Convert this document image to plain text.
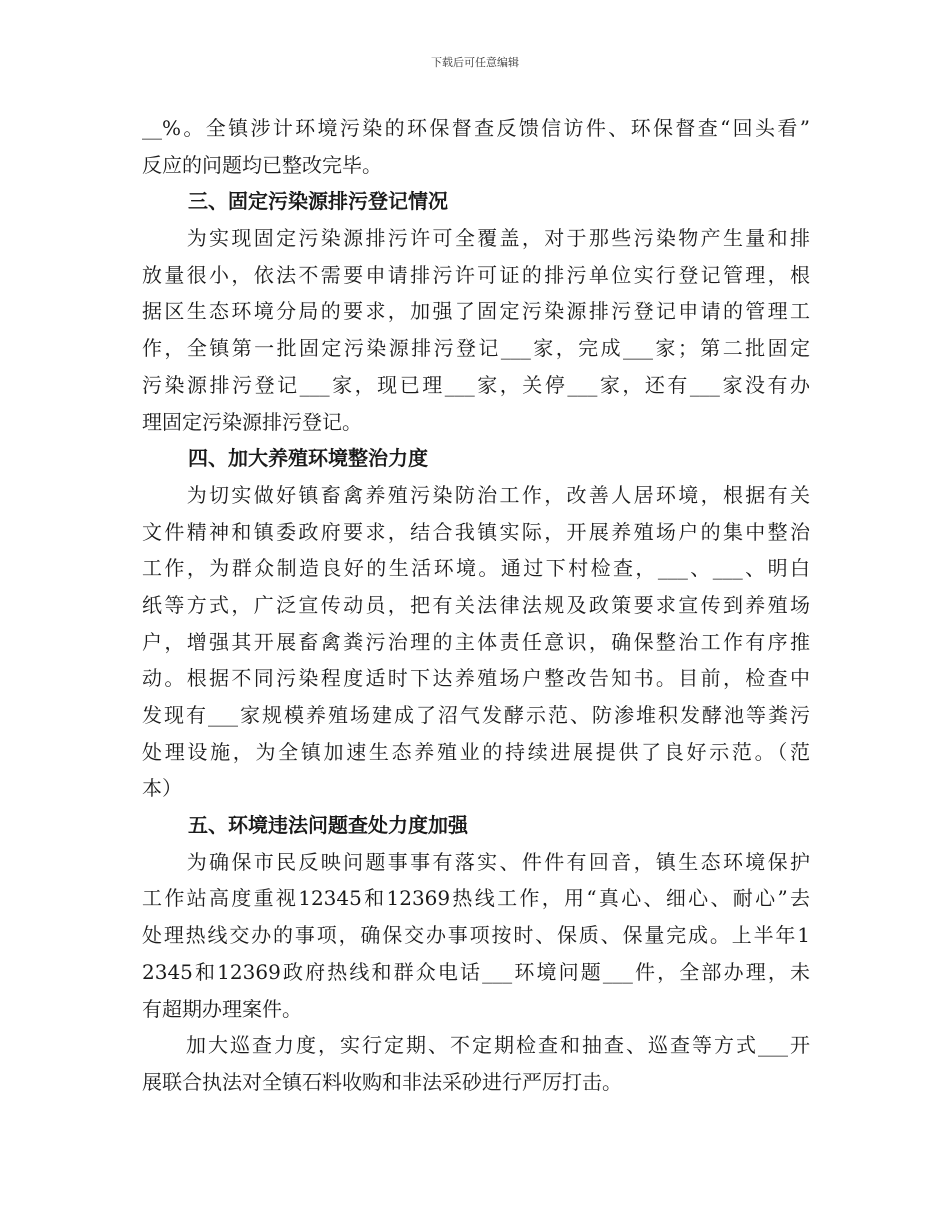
下载后可任意编辑
__%。全镇涉计环境污染的环保督查反馈信访件、环保督查“回头看”
反应的问题均已整改完毕。
三、固定污染源排污登记情况
　　为实现固定污染源排污许可全覆盖，对于那些污染物产生量和排
放量很小，依法不需要申请排污许可证的排污单位实行登记管理，根
据区生态环境分局的要求，加强了固定污染源排污登记申请的管理工
作，全镇第一批固定污染源排污登记___家，完成___家；第二批固定
污染源排污登记___家，现已理___家，关停___家，还有___家没有办
理固定污染源排污登记。
四、加大养殖环境整治力度
　　为切实做好镇畜禽养殖污染防治工作，改善人居环境，根据有关
文件精神和镇委政府要求，结合我镇实际，开展养殖场户的集中整治
工作，为群众制造良好的生活环境。通过下村检查，___、___、明白
纸等方式，广泛宣传动员，把有关法律法规及政策要求宣传到养殖场
户，增强其开展畜禽粪污治理的主体责任意识，确保整治工作有序推
动。根据不同污染程度适时下达养殖场户整改告知书。目前，检查中
发现有___家规模养殖场建成了沼气发酵示范、防渗堆积发酵池等粪污
处理设施，为全镇加速生态养殖业的持续进展提供了良好示范。（范
本）
五、环境违法问题查处力度加强
　　为确保市民反映问题事事有落实、件件有回音，镇生态环境保护
工作站高度重视12345和12369热线工作，用“真心、细心、耐心”去
处理热线交办的事项，确保交办事项按时、保质、保量完成。上半年1
2345和12369政府热线和群众电话___环境问题___件，全部办理，未
有超期办理案件。
　　加大巡查力度，实行定期、不定期检查和抽查、巡查等方式___开
展联合执法对全镇石料收购和非法采砂进行严厉打击。
